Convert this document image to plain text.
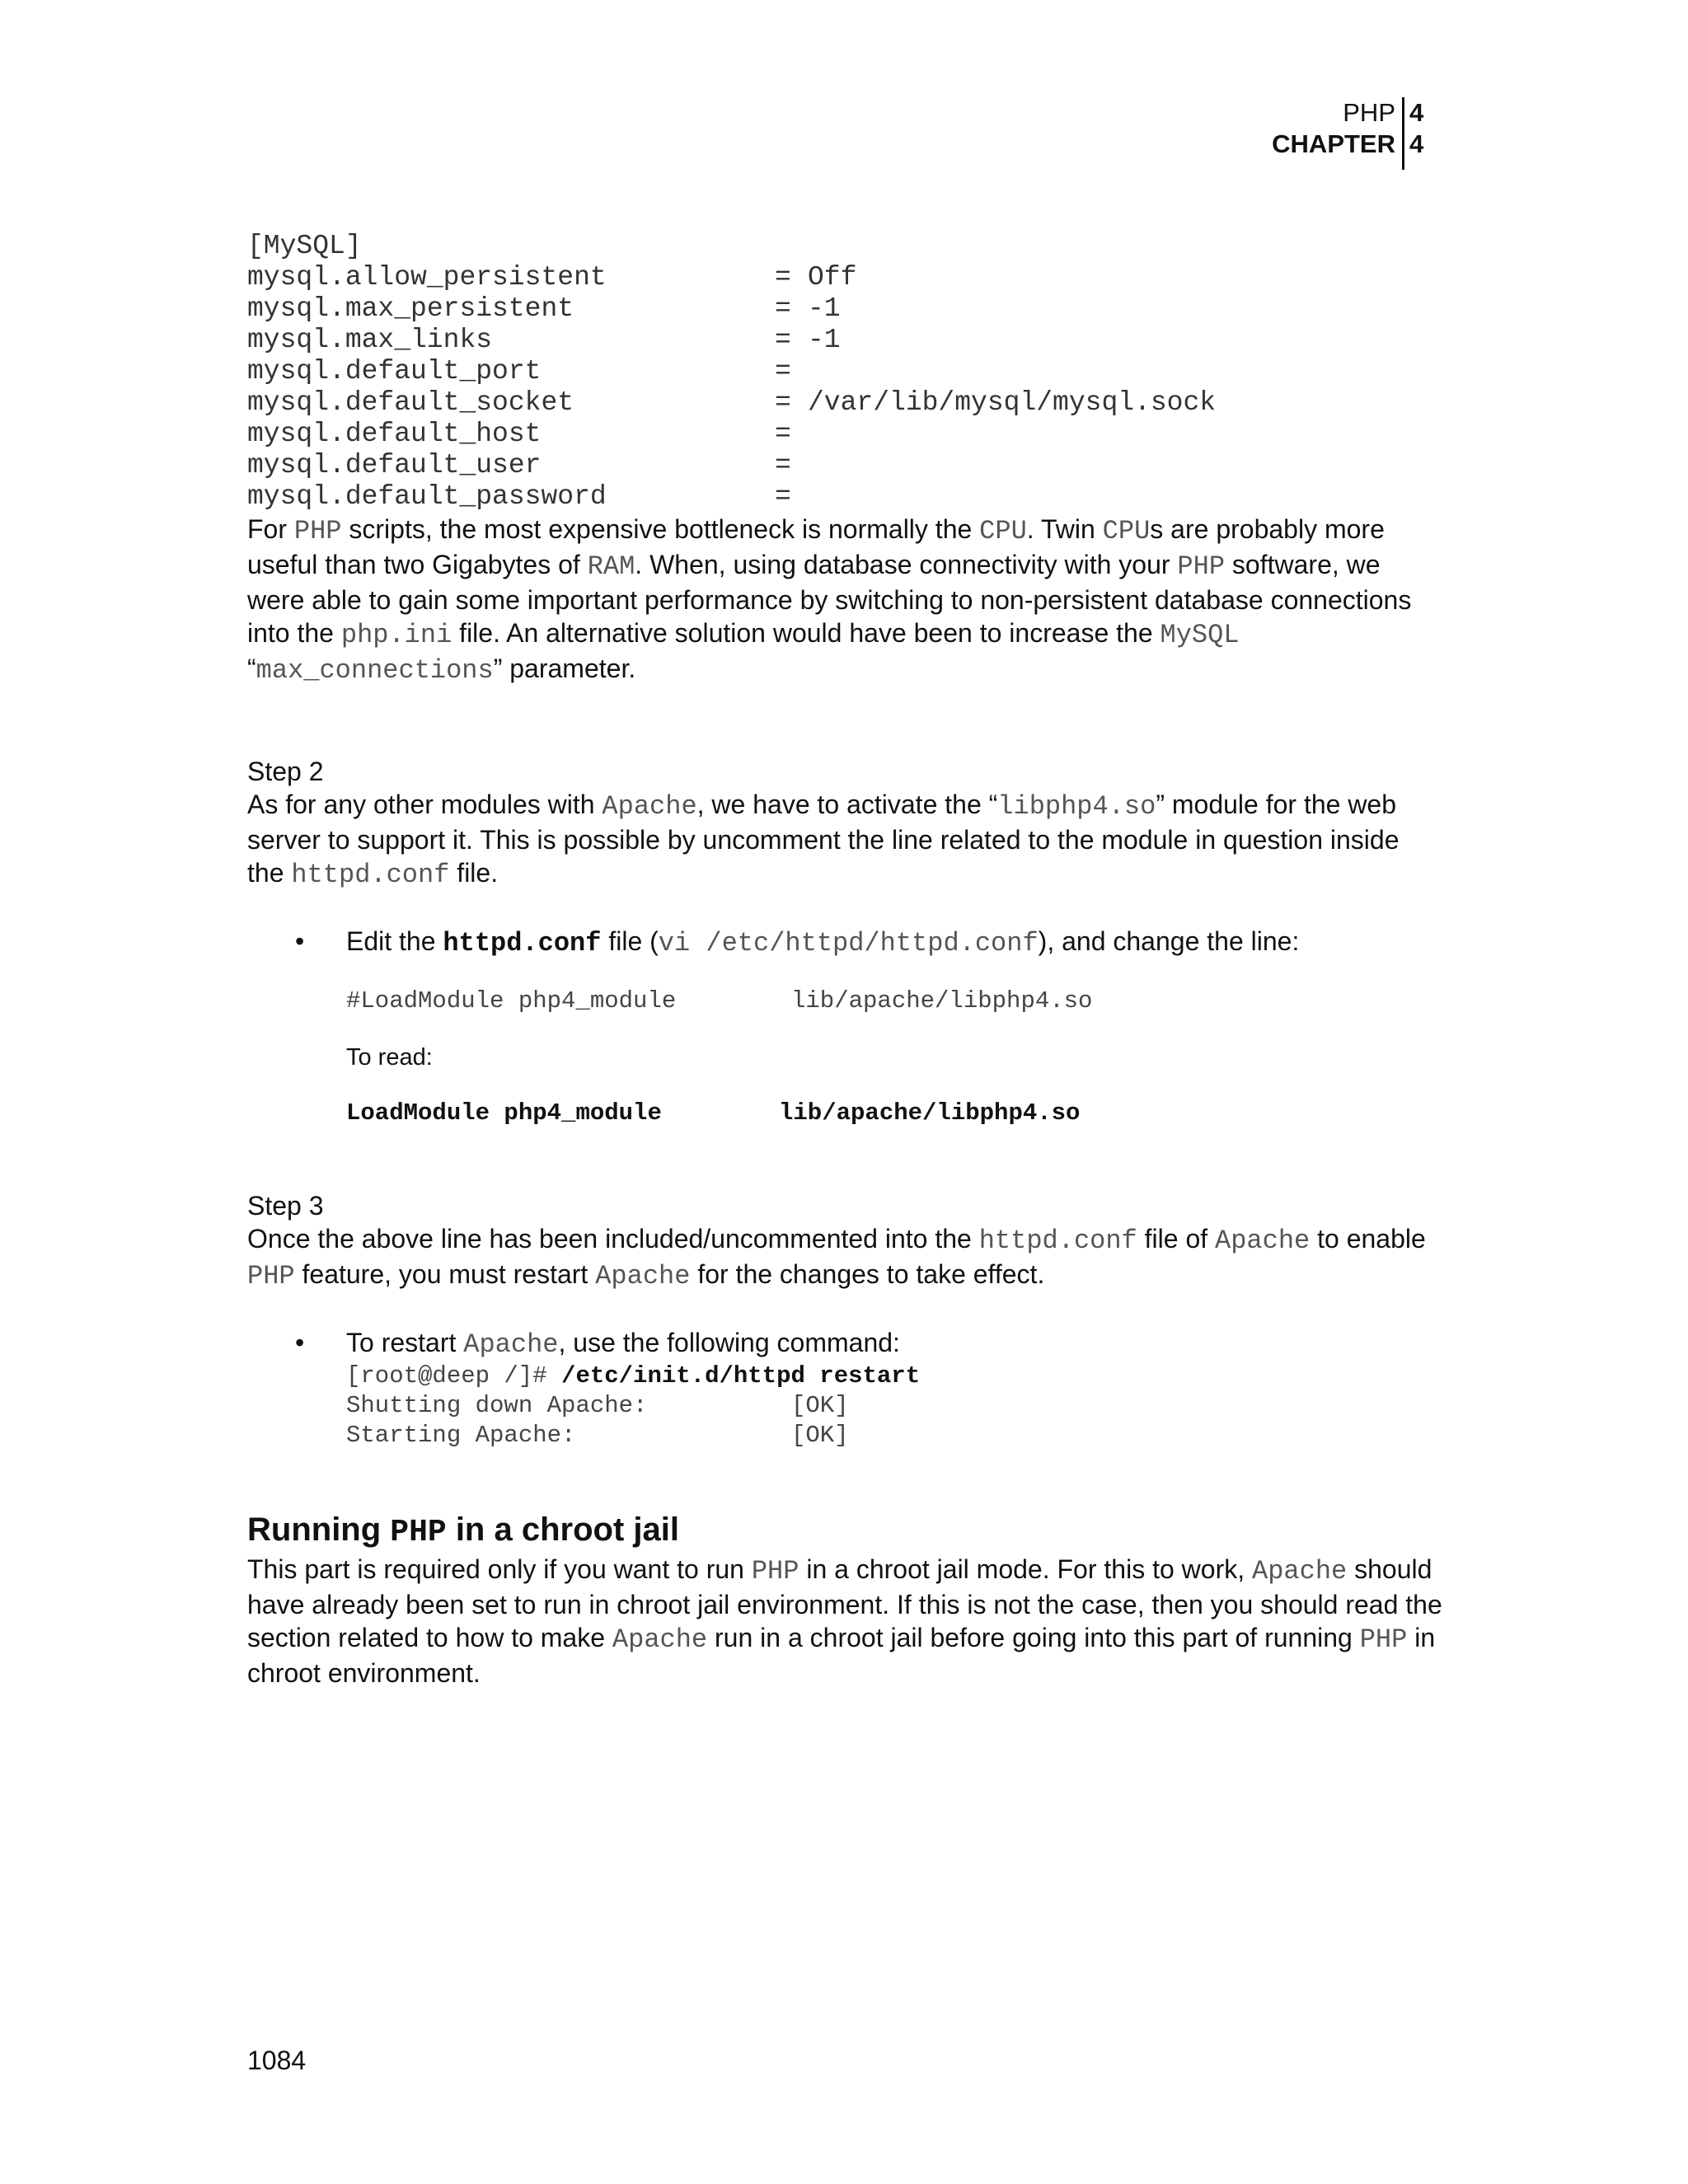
PHP 4
CHAPTER 4
[MySQL]
mysql.allow_persistent	= Off
mysql.max_persistent	= -1
mysql.max_links	= -1
mysql.default_port	=
mysql.default_socket	= /var/lib/mysql/mysql.sock
mysql.default_host	=
mysql.default_user	=
mysql.default_password	=

For PHP scripts, the most expensive bottleneck is normally the CPU. Twin CPUs are probably more useful than two Gigabytes of RAM. When, using database connectivity with your PHP software, we were able to gain some important performance by switching to non-persistent database connections into the php.ini file. An alternative solution would have been to increase the MySQL “max_connections” parameter.

Step 2

As for any other modules with Apache, we have to activate the “libphp4.so” module for the web server to support it. This is possible by uncomment the line related to the module in question inside the httpd.conf file.

• Edit the httpd.conf file (vi /etc/httpd/httpd.conf), and change the line:
#LoadModule php4_module	lib/apache/libphp4.so
To read:
LoadModule php4_module	lib/apache/libphp4.so

Step 3

Once the above line has been included/uncommented into the httpd.conf file of Apache to enable PHP feature, you must restart Apache for the changes to take effect.

• To restart Apache, use the following command:
[root@deep /]# /etc/init.d/httpd restart
Shutting down Apache:	[OK]
Starting Apache:	[OK]
Running PHP in a chroot jail

This part is required only if you want to run PHP in a chroot jail mode. For this to work, Apache should have already been set to run in chroot jail environment. If this is not the case, then you should read the section related to how to make Apache run in a chroot jail before going into this part of running PHP in chroot environment.

1084
